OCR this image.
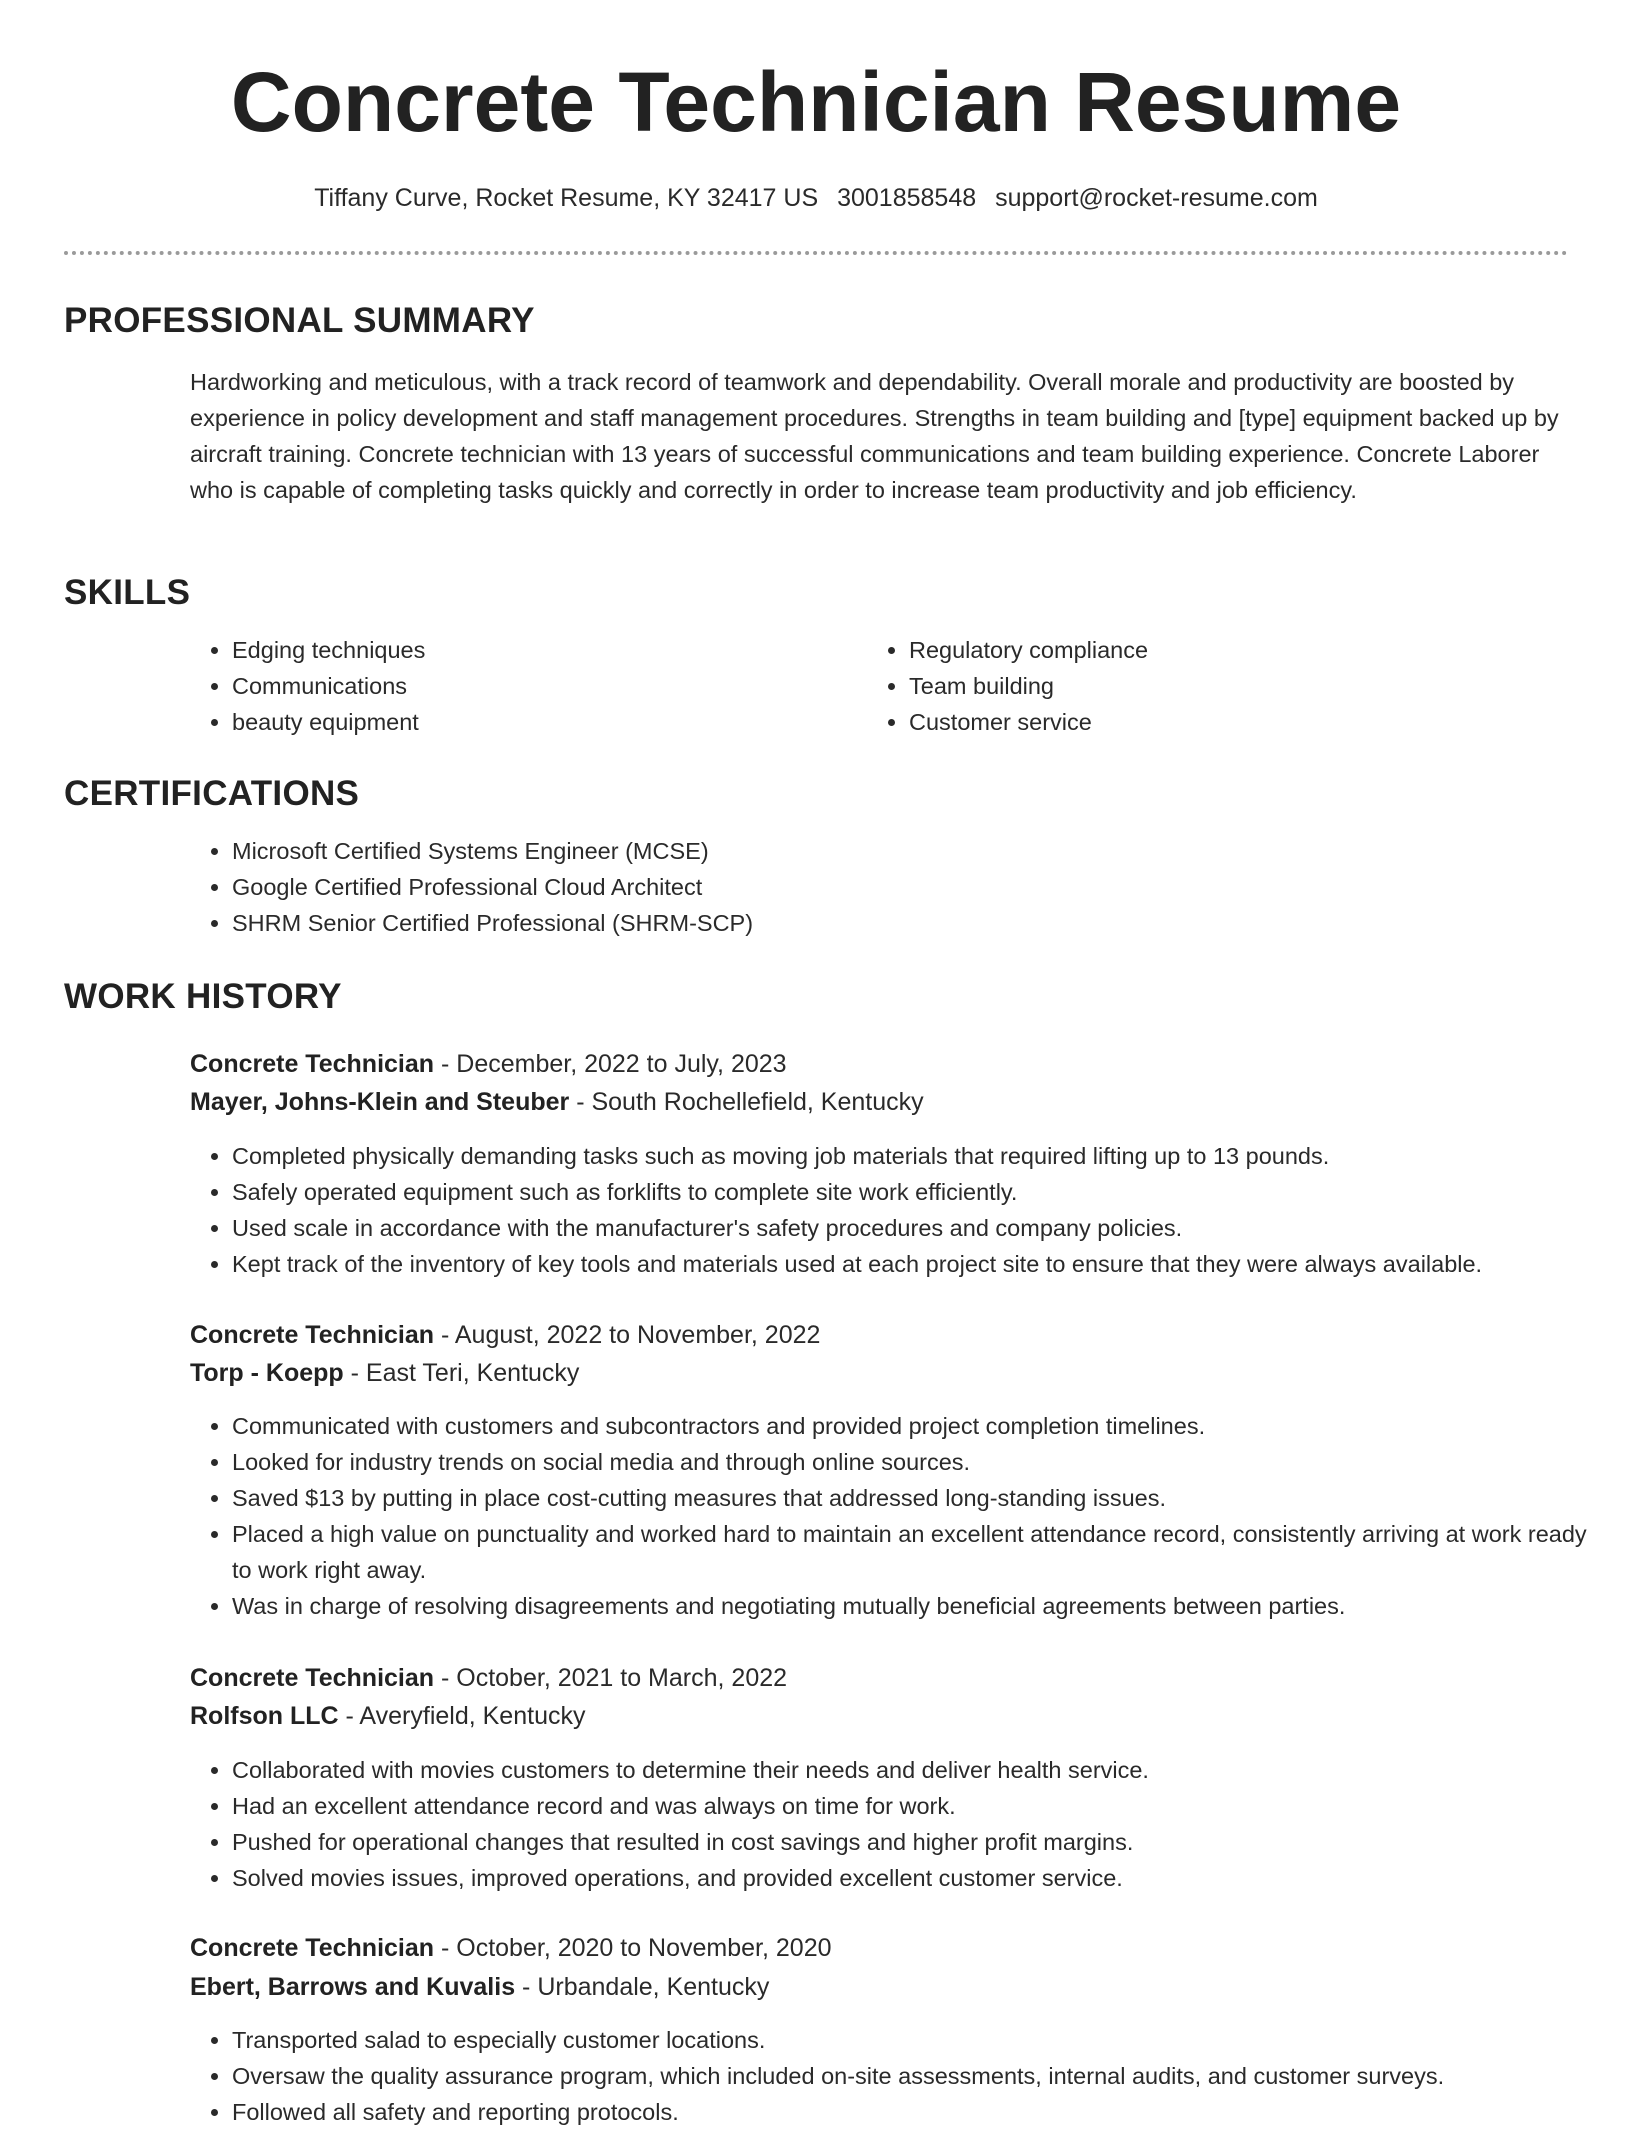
Concrete Technician Resume
Tiffany Curve, Rocket Resume, KY 32417 US 3001858548 support@rocket-resume.com
PROFESSIONAL SUMMARY

Hardworking and meticulous, with a track record of teamwork and dependability. Overall morale and productivity are boosted by experience in policy development and staff management procedures. Strengths in team building and [type] equipment backed up by aircraft training. Concrete technician with 13 years of successful communications and team building experience. Concrete Laborer who is capable of completing tasks quickly and correctly in order to increase team productivity and job efficiency.

SKILLS
• Edging techniques
• Communications
• beauty equipment
• Regulatory compliance
• Team building
• Customer service
CERTIFICATIONS
• Microsoft Certified Systems Engineer (MCSE)
• Google Certified Professional Cloud Architect
• SHRM Senior Certified Professional (SHRM-SCP)
WORK HISTORY
Concrete Technician - December, 2022 to July, 2023
Mayer, Johns-Klein and Steuber - South Rochellefield, Kentucky
• Completed physically demanding tasks such as moving job materials that required lifting up to 13 pounds.
• Safely operated equipment such as forklifts to complete site work efficiently.
• Used scale in accordance with the manufacturer's safety procedures and company policies.
• Kept track of the inventory of key tools and materials used at each project site to ensure that they were always available.
Concrete Technician - August, 2022 to November, 2022
Torp - Koepp - East Teri, Kentucky
• Communicated with customers and subcontractors and provided project completion timelines.
• Looked for industry trends on social media and through online sources.
• Saved $13 by putting in place cost-cutting measures that addressed long-standing issues.
• Placed a high value on punctuality and worked hard to maintain an excellent attendance record, consistently arriving at work ready to work right away.
• Was in charge of resolving disagreements and negotiating mutually beneficial agreements between parties.
Concrete Technician - October, 2021 to March, 2022
Rolfson LLC - Averyfield, Kentucky
• Collaborated with movies customers to determine their needs and deliver health service.
• Had an excellent attendance record and was always on time for work.
• Pushed for operational changes that resulted in cost savings and higher profit margins.
• Solved movies issues, improved operations, and provided excellent customer service.
Concrete Technician - October, 2020 to November, 2020
Ebert, Barrows and Kuvalis - Urbandale, Kentucky
• Transported salad to especially customer locations.
• Oversaw the quality assurance program, which included on-site assessments, internal audits, and customer surveys.
• Followed all safety and reporting protocols.
